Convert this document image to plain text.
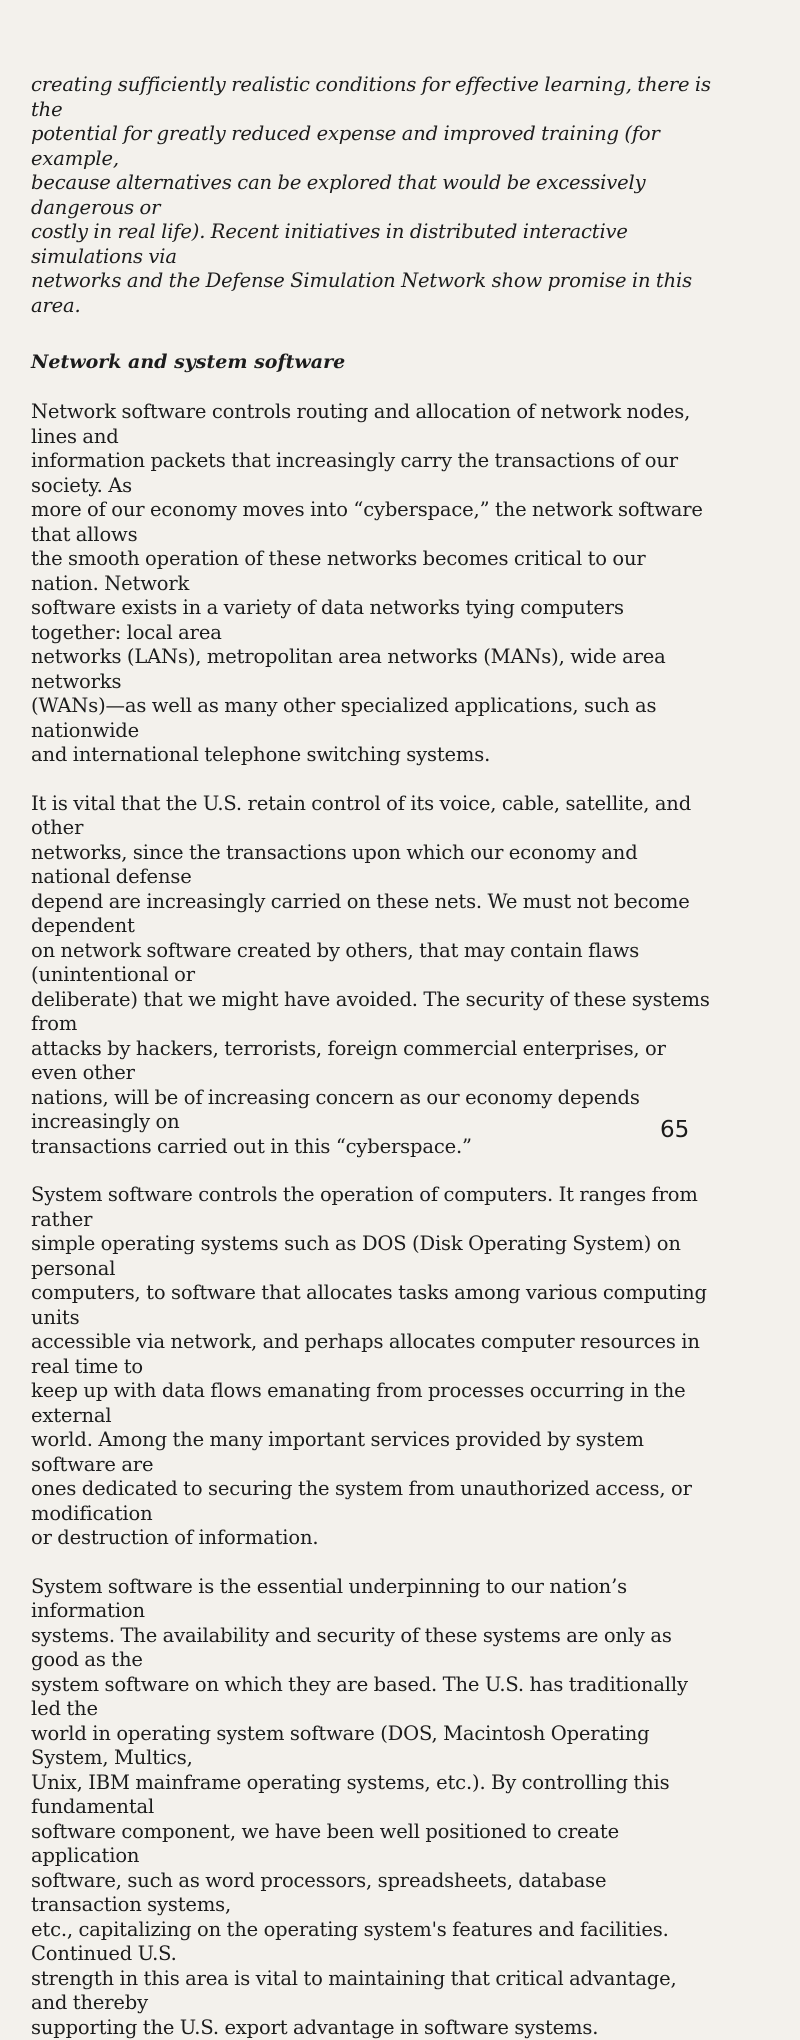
creating sufficiently realistic conditions for effective learning, there is the
potential for greatly reduced expense and improved training (for example,
because alternatives can be explored that would be excessively dangerous or
costly in real life). Recent initiatives in distributed interactive simulations via
networks and the Defense Simulation Network show promise in this area.

Network and system software

Network software controls routing and allocation of network nodes, lines and
information packets that increasingly carry the transactions of our society. As
more of our economy moves into “cyberspace,” the network software that allows
the smooth operation of these networks becomes critical to our nation. Network
software exists in a variety of data networks tying computers together: local area
networks (LANs), metropolitan area networks (MANs), wide area networks
(WANs)—as well as many other specialized applications, such as nationwide
and international telephone switching systems.

It is vital that the U.S. retain control of its voice, cable, satellite, and other
networks, since the transactions upon which our economy and national defense
depend are increasingly carried on these nets. We must not become dependent
on network software created by others, that may contain flaws (unintentional or
deliberate) that we might have avoided. The security of these systems from
attacks by hackers, terrorists, foreign commercial enterprises, or even other
nations, will be of increasing concern as our economy depends increasingly on
transactions carried out in this “cyberspace.”

System software controls the operation of computers. It ranges from rather
simple operating systems such as DOS (Disk Operating System) on personal
computers, to software that allocates tasks among various computing units
accessible via network, and perhaps allocates computer resources in real time to
keep up with data flows emanating from processes occurring in the external
world. Among the many important services provided by system software are
ones dedicated to securing the system from unauthorized access, or modification
or destruction of information.

System software is the essential underpinning to our nation’s information
systems. The availability and security of these systems are only as good as the
system software on which they are based. The U.S. has traditionally led the
world in operating system software (DOS, Macintosh Operating System, Multics,
Unix, IBM mainframe operating systems, etc.). By controlling this fundamental
software component, we have been well positioned to create application
software, such as word processors, spreadsheets, database transaction systems,
etc., capitalizing on the operating system's features and facilities. Continued U.S.
strength in this area is vital to maintaining that critical advantage, and thereby
supporting the U.S. export advantage in software systems.

65
